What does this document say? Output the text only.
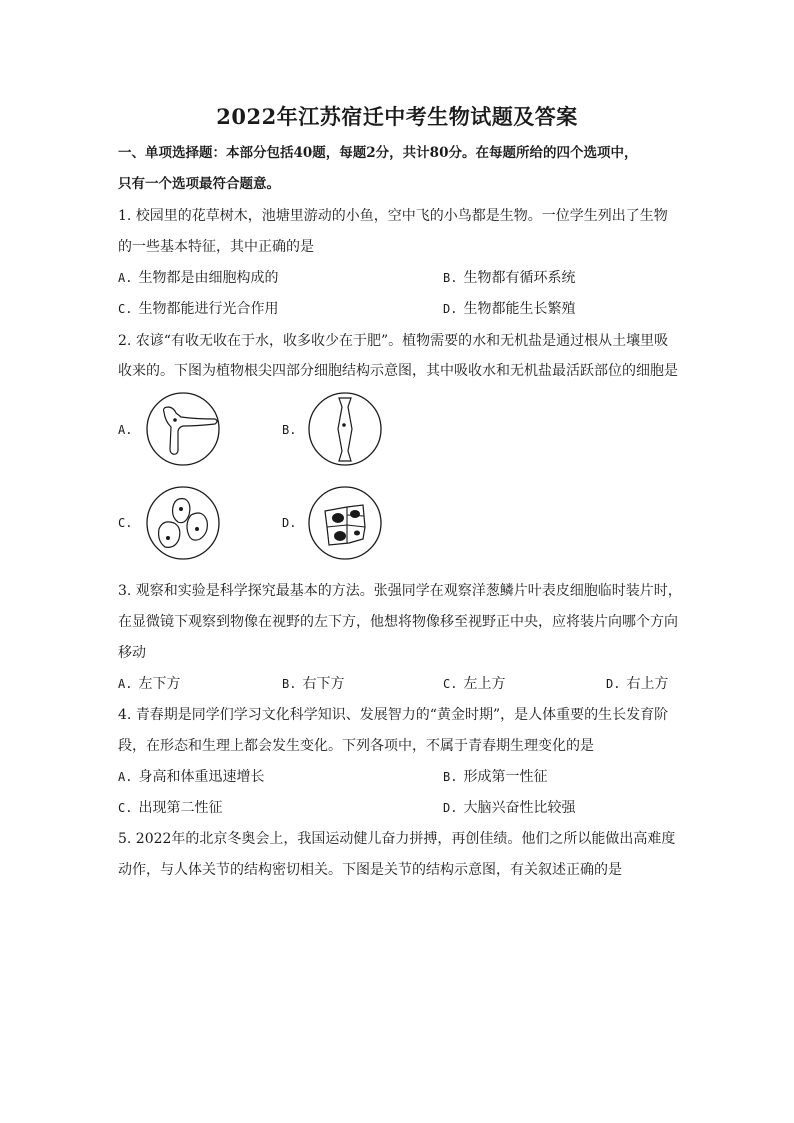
2022年江苏宿迁中考生物试题及答案
一、单项选择题：本部分包括40题，每题2分，共计80分。在每题所给的四个选项中，
只有一个选项最符合题意。
1. 校园里的花草树木，池塘里游动的小鱼，空中飞的小鸟都是生物。一位学生列出了生物
的一些基本特征，其中正确的是
A. 生物都是由细胞构成的	B. 生物都有循环系统
C. 生物都能进行光合作用	D. 生物都能生长繁殖
2. 农谚“有收无收在于水，收多收少在于肥”。植物需要的水和无机盐是通过根从土壤里吸
收来的。下图为植物根尖四部分细胞结构示意图，其中吸收水和无机盐最活跃部位的细胞是
A.	B.
C.	D.
3. 观察和实验是科学探究最基本的方法。张强同学在观察洋葱鳞片叶表皮细胞临时装片时，
在显微镜下观察到物像在视野的左下方，他想将物像移至视野正中央，应将装片向哪个方向
移动
A. 左下方	B. 右下方	C. 左上方	D. 右上方
4. 青春期是同学们学习文化科学知识、发展智力的“黄金时期”，是人体重要的生长发育阶
段，在形态和生理上都会发生变化。下列各项中，不属于青春期生理变化的是
A. 身高和体重迅速增长	B. 形成第一性征
C. 出现第二性征	D. 大脑兴奋性比较强
5. 2022年的北京冬奥会上，我国运动健儿奋力拼搏，再创佳绩。他们之所以能做出高难度
动作，与人体关节的结构密切相关。下图是关节的结构示意图，有关叙述正确的是
